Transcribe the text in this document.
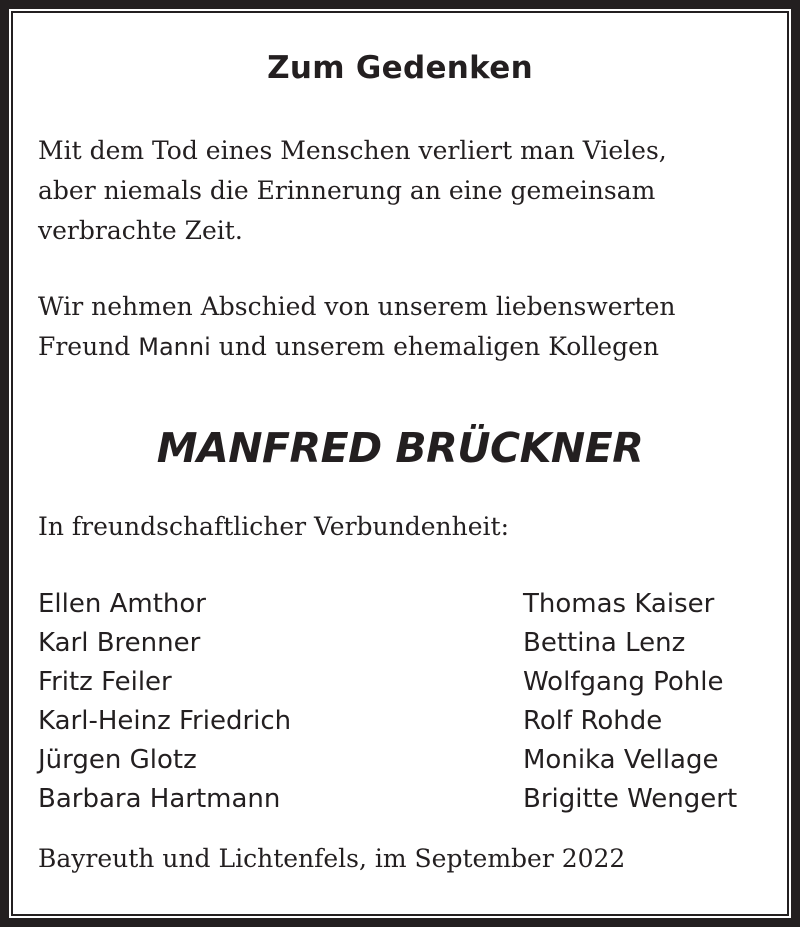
Zum Gedenken
Mit dem Tod eines Menschen verliert man Vieles,
aber niemals die Erinnerung an eine gemeinsam
verbrachte Zeit.
Wir nehmen Abschied von unserem liebenswerten
Freund Manni und unserem ehemaligen Kollegen
MANFRED BRÜCKNER
In freundschaftlicher Verbundenheit:
Ellen Amthor
Karl Brenner
Fritz Feiler
Karl-Heinz Friedrich
Jürgen Glotz
Barbara Hartmann
Thomas Kaiser
Bettina Lenz
Wolfgang Pohle
Rolf Rohde
Monika Vellage
Brigitte Wengert
Bayreuth und Lichtenfels, im September 2022
